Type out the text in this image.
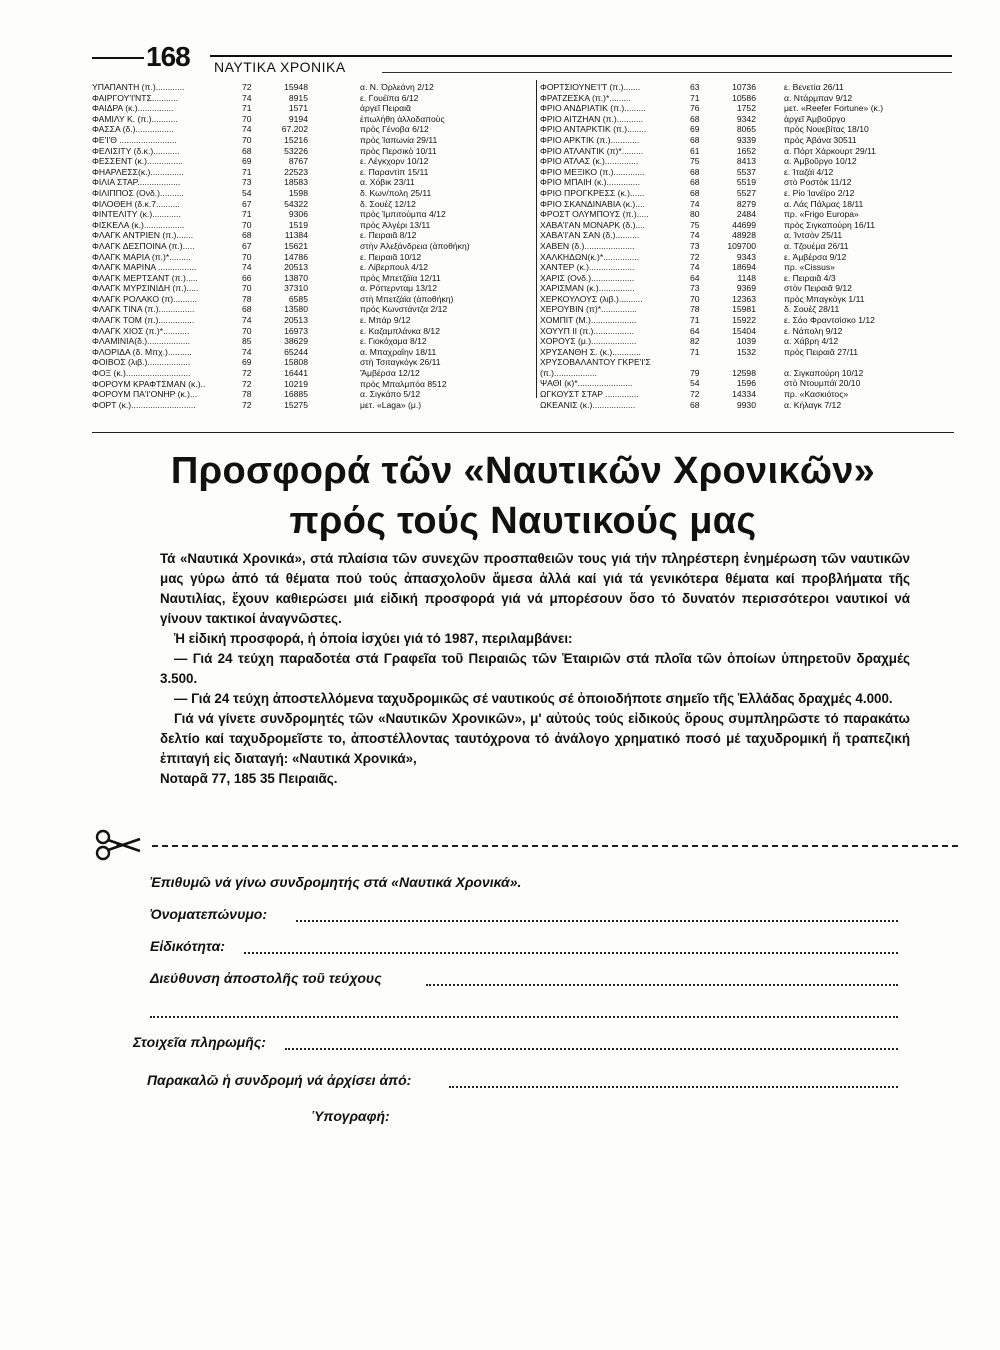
168 ΝΑΥΤΙΚΑ ΧΡΟΝΙΚΑ
ΥΠΑΠΑΝΤΗ (π.)............	72	15948	α. Ν. Ὀρλεάνη 2/12
ΦΑΙΡΓΟΥ'Ι'ΝΤΣ...........	74	8915	ε. Γουέϊπα 6/12
ΦΑΙΔΡΑ (κ.)...............	71	1571	ἀργεῖ Πειραιᾶ
ΦΑΜΙΛΥ Κ. (π.)...........	70	9194	ἐπωλήθη ἀλλοδαποὺς
ΦΑΣΣΑ (δ.)................	74	67.202	πρὸς Γένοβα 6/12
ΦΕ'Ι'Θ ........................	70	15216	πρὸς Ἰαπωνία 29/11
ΦΕΛΙΣΙΤΥ (δ.κ.)...........	68	53226	πρὸς Περσικὸ 10/11
ΦΕΣΣΕΝΤ (κ.)...............	69	8767	ε. Λέγκχορν 10/12
ΦΗΑΡΛΕΣΣ(κ.)..............	71	22523	ε. Παραντὶπ 15/11
ΦΙΛΙΑ ΣΤΑΡ..................	73	18583	α. Χόβικ 23/11
ΦΙΛΙΠΠΟΣ (Ονδ.)..........	54	1598	δ. Κων/πολη 25/11
ΦΙΛΟΘΕΗ (δ.κ.7..........	67	54322	δ. Σουέζ 12/12
ΦΙΝΤΕΛΙΤΥ (κ.)............	71	9306	πρὸς Ἰμπιτούμπα 4/12
ΦΙΣΚΕΛΑ (κ.).................	70	1519	πρὸς Ἀλγέρι 13/11
ΦΛΑΓΚ ΑΝΤΡΙΕΝ (π.).......	68	11384	ε. Πειραιᾶ 8/12
ΦΛΑΓΚ ΔΕΣΠΟΙΝΑ (π.).....	67	15621	στὴν Ἀλεξάνδρεια (ἀποθήκη)
ΦΛΑΓΚ ΜΑΡΙΑ (π.)*.........	70	14786	ε. Πειραιᾶ 10/12
ΦΛΑΓΚ ΜΑΡΙΝΑ ................	74	20513	ε. Λίβερπουλ 4/12
ΦΛΑΓΚ ΜΕΡΤΣΑΝΤ (π.).....	66	13870	πρὸς Μπετζάϊα 12/11
ΦΛΑΓΚ ΜΥΡΣΙΝΙΔΗ (π.).....	70	37310	α. Ρόττερνταμ 13/12
ΦΛΑΓΚ ΡΟΛΑΚΟ (π)..........	78	6585	στὴ Μπετζάϊα (ἀποθήκη)
ΦΛΑΓΚ ΤΙΝΑ (π.)...............	68	13580	πρὸς Κωνστάντζα 2/12
ΦΛΑΓΚ ΤΟΜ (π.)...............	74	20513	ε. Μπάρ 9/12
ΦΛΑΓΚ ΧΙΟΣ (π.)*...........	70	16973	ε. Καζαμπλάνκα 8/12
ΦΛΑΜΙΝΙΑ(δ.)..................	85	38629	ε. Γιοκόχαμα 8/12
ΦΛΟΡΙΔΑ (δ. Μπχ.)..........	74	65244	α. Μπαχραΐην 18/11
ΦΟΙΒΟΣ (λιβ.)..................	69	15808	στὴ Τσιταγκόγκ 26/11
ΦΟΞ (κ.)...........................	72	16441	Ἄμβέρσα 12/12
ΦΟΡΟΥΜ ΚΡΑΦΤΣΜΑΝ (κ.)..	72	10219	πρὸς Μπαλμπόα 8512
ΦΟΡΟΥΜ ΠΑ'Ι'ΟΝΗΡ (κ.)...	78	16885	α. Σιγκάπο 5/12
ΦΟΡΤ (κ.)...........................	72	15275	μετ. «Laga» (μ.)
ΦΟΡΤΣΙΟΥΝΕ'Ι'Τ (π.).......	63	10736	ε. Βενετία 26/11
ΦΡΑΤΖΕΣΚΑ (π.)*.........	71	10586	α. Ντάρμπαν 9/12
ΦΡΙΟ ΑΝΔΡΙΑΤΙΚ (π.).........	76	1752	μετ. «Reefer Fortune» (κ.)
ΦΡΙΟ ΑΙΤΖΗΑΝ (π.)...........	68	9342	ἀργεῖ Ἀμβοῦργο
ΦΡΙΟ ΑΝΤΑΡΚΤΙΚ (π.)........	69	8065	πρὸς Νουεβίτας 18/10
ΦΡΙΟ ΑΡΚΤΙΚ (π.)............	68	9339	πρὸς Ἀβάνα 30511
ΦΡΙΟ ΑΤΛΑΝΤΙΚ (π)*.........	61	1652	α. Πόρτ Χάρκουρτ 29/11
ΦΡΙΟ ΑΤΛΑΣ (κ.)..............	75	8413	α. Ἀμβοῦργο 10/12
ΦΡΙΟ ΜΕΞΙΚΟ (π.).............	68	5537	ε. Ἰταζάϊ 4/12
ΦΡΙΟ ΜΠΑΙΗ (κ.)..............	68	5519	στὸ Ροστὸκ 11/12
ΦΡΙΟ ΠΡΟΓΚΡΕΣΣ (κ.)......	68	5527	ε. Ρίο Ἰανέϊρο 2/12
ΦΡΙΟ ΣΚΑΝΔΙΝΑΒΙΑ (κ.)....	74	8279	α. Λάς Πάλμας 18/11
ΦΡΟΣΤ ΟΛΥΜΠΟΥΣ (π.).....	80	2484	πρ. «Frigo Europa»
ΧΑΒΑ'Ι'ΑΝ ΜΟΝΑΡΚ (δ.)....	75	44699	πρὸς Σιγκαπούρη 16/11
ΧΑΒΑ'Ι'ΑΝ ΣΑΝ (δ.)..........	74	48928	α. Ἰντσὸν 25/11
ΧΑΒΕΝ (δ.).....................	73	109700	α. Τζουέμα 26/11
ΧΑΛΚΗΔΩΝ(κ.)*...............	72	9343	ε. Ἀμβέρσα 9/12
ΧΑΝΤΕΡ (κ.)...................	74	18694	πρ. «Cissus»
ΧΑΡΙΣ (Ονδ.)..................	64	1148	ε. Πειραιᾶ 4/3
ΧΑΡΙΣΜΑΝ (κ.)...............	73	9369	στὸν Πειραιᾶ 9/12
ΧΕΡΚΟΥΛΟΥΣ (λιβ.)..........	70	12363	πρὸς Μπαγκὸγκ 1/11
ΧΕΡΟΥΒΙΝ (π)*...............	78	15981	δ. Σουέζ 28/11
ΧΟΜΠΙΤ (Μ.)...................	71	15922	ε. Σάο Φραντσίσκο 1/12
ΧΟΥΥΠ ΙΙ (π.).................	64	15404	ε. Νάπολη 9/12
ΧΟΡΟΥΣ (μ.)...................	82	1039	α. Χάβρη 4/12
ΧΡΥΣΑΝΘΗ Σ. (κ.)............	71	1532	πρὸς Πειραιᾶ 27/11
ΧΡΥΣΟΒΑΛΑΝΤΟΥ ΓΚΡΕ'Ι'Σ (π.)..................	79	12598	α. Σιγκαπούρη 10/12
ΨΑΘΙ (κ)*.......................	54	1596	στὸ Ντουμπάϊ 20/10
ΩΓΚΟΥΣΤ ΣΤΑΡ ..............	72	14334	πρ. «Κασκιότος»
ΩΚΕΑΝΙΣ (κ.)..................	68	9930	α. Κήλαγκ 7/12
Προσφορά τῶν «Ναυτικῶν Χρονικῶν»
πρός τούς Ναυτικούς μας

Τά «Ναυτικά Χρονικά», στά πλαίσια τῶν συνεχῶν προσπαθειῶν τους γιά τήν πληρέστερη ἐνημέρωση τῶν ναυτικῶν μας γύρω ἀπό τά θέματα πού τούς ἀπασχολοῦν ἄμεσα ἀλλά καί γιά τά γενικότερα θέματα καί προβλήματα τῆς Ναυτιλίας, ἔχουν καθιερώσει μιά εἰδική προσφορά γιά νά μπορέσουν ὅσο τό δυνατόν περισσότεροι ναυτικοί νά γίνουν τακτικοί ἀναγνῶστες.

Ἡ εἰδική προσφορά, ἡ ὁποία ἰσχύει γιά τό 1987, περιλαμβάνει:

— Γιά 24 τεύχη παραδοτέα στά Γραφεῖα τοῦ Πειραιῶς τῶν Ἑταιριῶν στά πλοῖα τῶν ὁποίων ὑπηρετοῦν δραχμές 3.500.

— Γιά 24 τεύχη ἀποστελλόμενα ταχυδρομικῶς σέ ναυτικούς σέ ὁποιοδήποτε σημεῖο τῆς Ἑλλάδας δραχμές 4.000.

Γιά νά γίνετε συνδρομητές τῶν «Ναυτικῶν Χρονικῶν», μ' αὐτούς τούς εἰδικούς ὅρους συμπληρῶστε τό παρακάτω δελτίο καί ταχυδρομεῖστε το, ἀποστέλλοντας ταυτόχρονα τό ἀνάλογο χρηματικό ποσό μέ ταχυδρομική ἤ τραπεζική ἐπιταγή εἰς διαταγή: «Ναυτικά Χρονικά»,

Νοταρᾶ 77, 185 35 Πειραιᾶς.

Ἐπιθυμῶ νά γίνω συνδρομητής στά «Ναυτικά Χρονικά».
Ὀνοματεπώνυμο:
Εἰδικότητα:
Διεύθυνση ἀποστολῆς τοῦ τεύχους
Στοιχεῖα πληρωμῆς:
Παρακαλῶ ἡ συνδρομή νά ἀρχίσει ἀπό:
Ὑπογραφή:
